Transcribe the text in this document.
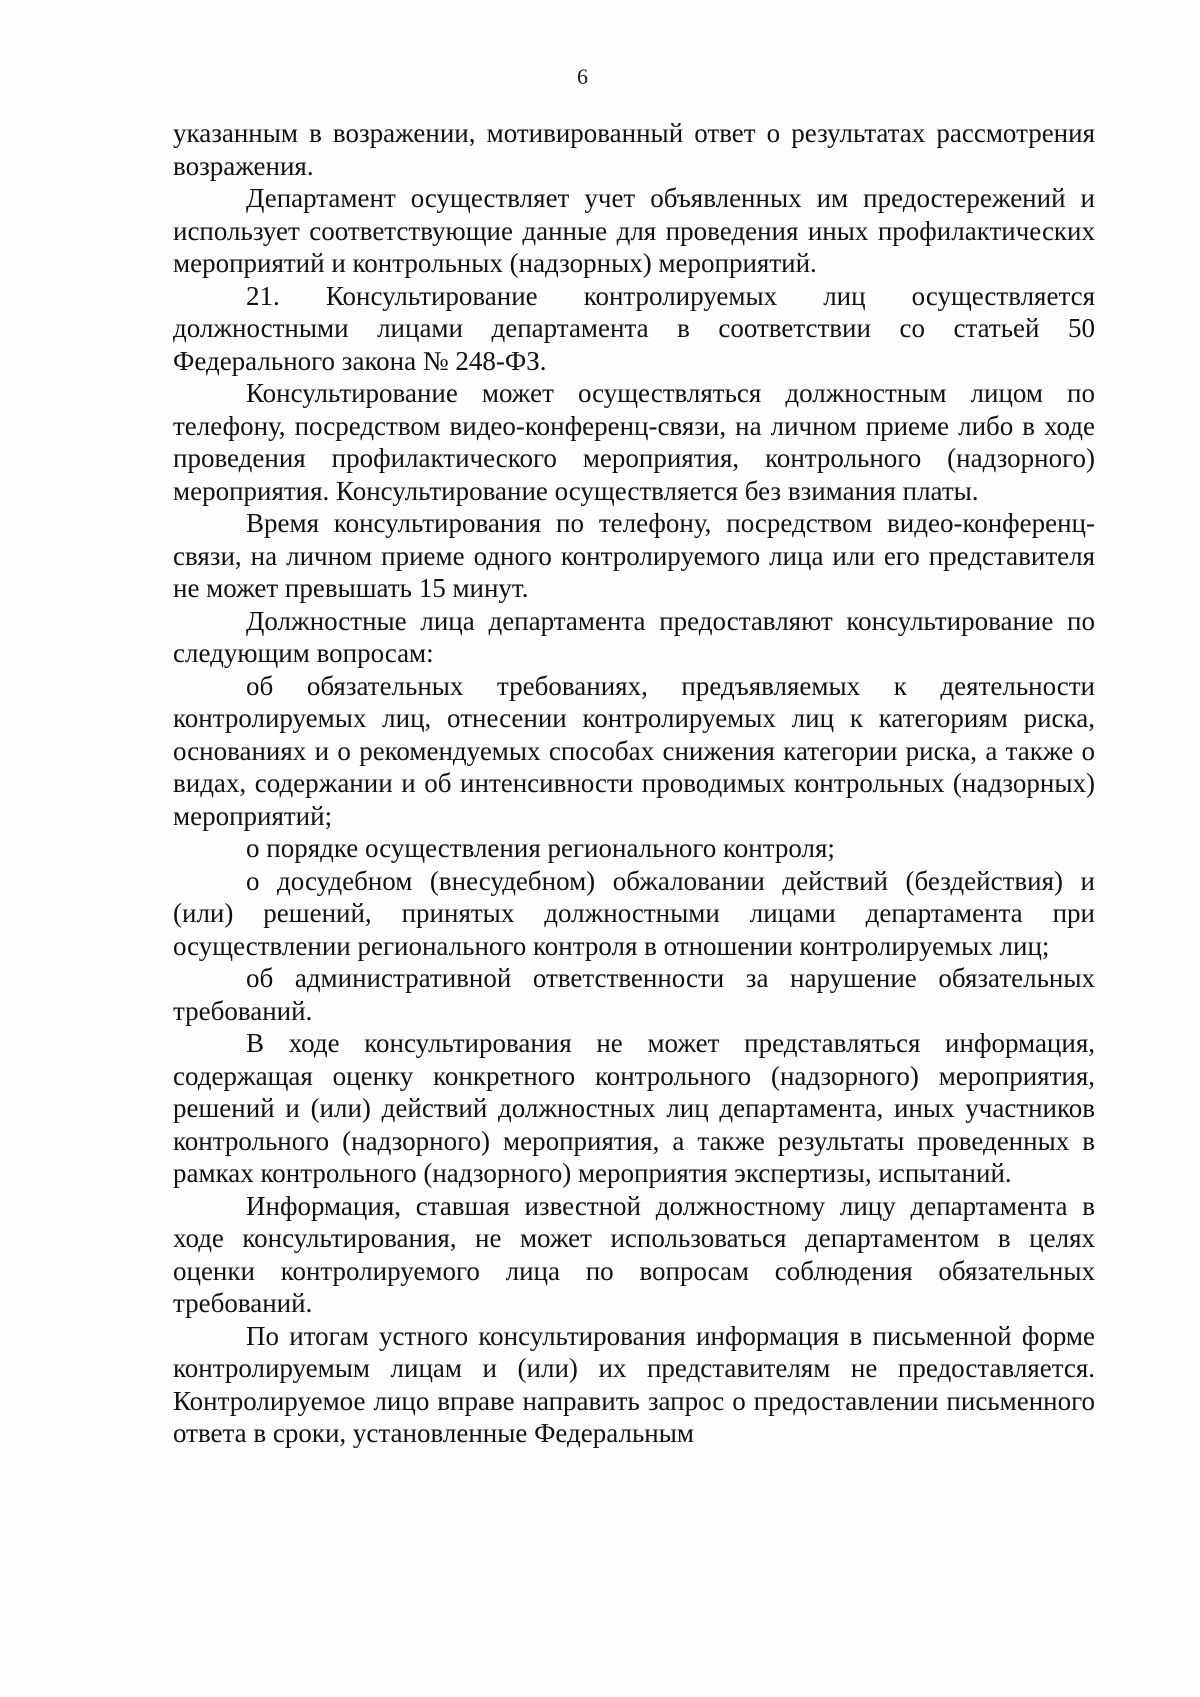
6

указанным в возражении, мотивированный ответ о результатах рассмотрения возражения.

Департамент осуществляет учет объявленных им предостережений и использует соответствующие данные для проведения иных профилактических мероприятий и контрольных (надзорных) мероприятий.

21. Консультирование контролируемых лиц осуществляется должностными лицами департамента в соответствии со статьей 50 Федерального закона № 248-ФЗ.

Консультирование может осуществляться должностным лицом по телефону, посредством видео-конференц-связи, на личном приеме либо в ходе проведения профилактического мероприятия, контрольного (надзорного) мероприятия. Консультирование осуществляется без взимания платы.

Время консультирования по телефону, посредством видео-конференц-связи, на личном приеме одного контролируемого лица или его представителя не может превышать 15 минут.

Должностные лица департамента предоставляют консультирование по следующим вопросам:

об обязательных требованиях, предъявляемых к деятельности контролируемых лиц, отнесении контролируемых лиц к категориям риска, основаниях и о рекомендуемых способах снижения категории риска, а также о видах, содержании и об интенсивности проводимых контрольных (надзорных) мероприятий;

о порядке осуществления регионального контроля;

о досудебном (внесудебном) обжаловании действий (бездействия) и (или) решений, принятых должностными лицами департамента при осуществлении регионального контроля в отношении контролируемых лиц;

об административной ответственности за нарушение обязательных требований.

В ходе консультирования не может представляться информация, содержащая оценку конкретного контрольного (надзорного) мероприятия, решений и (или) действий должностных лиц департамента, иных участников контрольного (надзорного) мероприятия, а также результаты проведенных в рамках контрольного (надзорного) мероприятия экспертизы, испытаний.

Информация, ставшая известной должностному лицу департамента в ходе консультирования, не может использоваться департаментом в целях оценки контролируемого лица по вопросам соблюдения обязательных требований.

По итогам устного консультирования информация в письменной форме контролируемым лицам и (или) их представителям не предоставляется. Контролируемое лицо вправе направить запрос о предоставлении письменного ответа в сроки, установленные Федеральным
